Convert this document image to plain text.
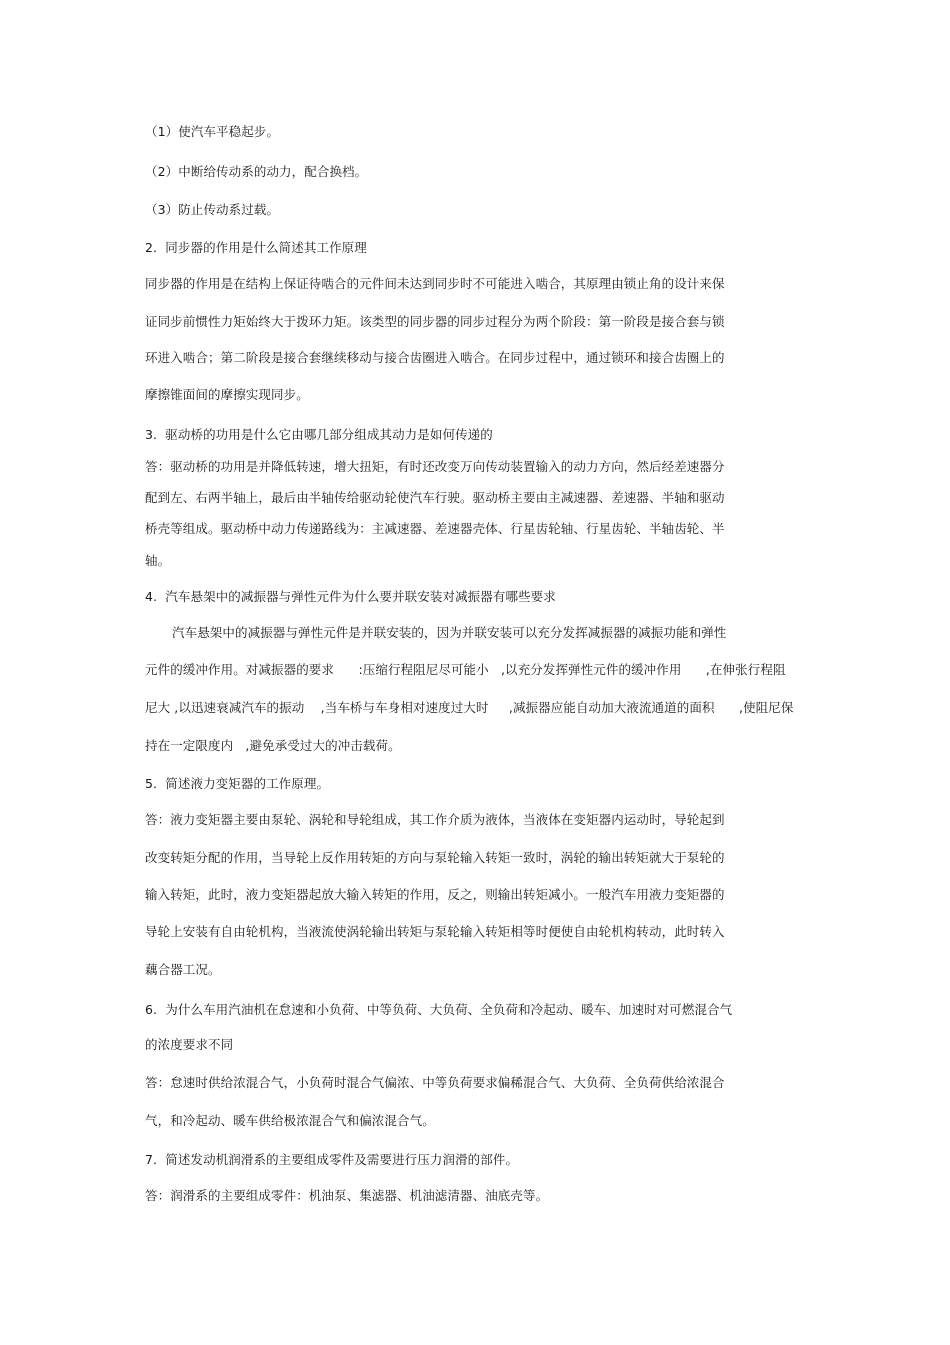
（1）使汽车平稳起步。
（2）中断给传动系的动力，配合换档。
（3）防止传动系过载。
2.  同步器的作用是什么简述其工作原理
同步器的作用是在结构上保证待啮合的元件间未达到同步时不可能进入啮合，其原理由锁止角的设计来保
证同步前惯性力矩始终大于拨环力矩。该类型的同步器的同步过程分为两个阶段：第一阶段是接合套与锁
环进入啮合；第二阶段是接合套继续移动与接合齿圈进入啮合。在同步过程中，通过锁环和接合齿圈上的
摩擦锥面间的摩擦实现同步。
3.  驱动桥的功用是什么它由哪几部分组成其动力是如何传递的
答：驱动桥的功用是并降低转速，增大扭矩，有时还改变万向传动装置输入的动力方向，然后经差速器分
配到左、右两半轴上，最后由半轴传给驱动轮使汽车行驶。驱动桥主要由主减速器、差速器、半轴和驱动
桥壳等组成。驱动桥中动力传递路线为：主减速器、差速器壳体、行星齿轮轴、行星齿轮、半轴齿轮、半
轴。
4.  汽车悬架中的减振器与弹性元件为什么要并联安装对减振器有哪些要求
汽车悬架中的减振器与弹性元件是并联安装的，因为并联安装可以充分发挥减振器的减振功能和弹性
元件的缓冲作用。对减振器的要求      :压缩行程阻尼尽可能小   ,以充分发挥弹性元件的缓冲作用      ,在伸张行程阻
尼大 ,以迅速衰减汽车的振动    ,当车桥与车身相对速度过大时     ,减振器应能自动加大液流通道的面积      ,使阻尼保
持在一定限度内   ,避免承受过大的冲击载荷。
5.  简述液力变矩器的工作原理。
答：液力变矩器主要由泵轮、涡轮和导轮组成，其工作介质为液体，当液体在变矩器内运动时，导轮起到
改变转矩分配的作用，当导轮上反作用转矩的方向与泵轮输入转矩一致时，涡轮的输出转矩就大于泵轮的
输入转矩，此时，液力变矩器起放大输入转矩的作用，反之，则输出转矩减小。一般汽车用液力变矩器的
导轮上安装有自由轮机构，当液流使涡轮输出转矩与泵轮输入转矩相等时便使自由轮机构转动，此时转入
藕合器工况。
6.  为什么车用汽油机在怠速和小负荷、中等负荷、大负荷、全负荷和冷起动、暖车、加速时对可燃混合气
的浓度要求不同
答：怠速时供给浓混合气，小负荷时混合气偏浓、中等负荷要求偏稀混合气、大负荷、全负荷供给浓混合
气，和冷起动、暖车供给极浓混合气和偏浓混合气。
7.  简述发动机润滑系的主要组成零件及需要进行压力润滑的部件。
答：润滑系的主要组成零件：机油泵、集滤器、机油滤清器、油底壳等。
